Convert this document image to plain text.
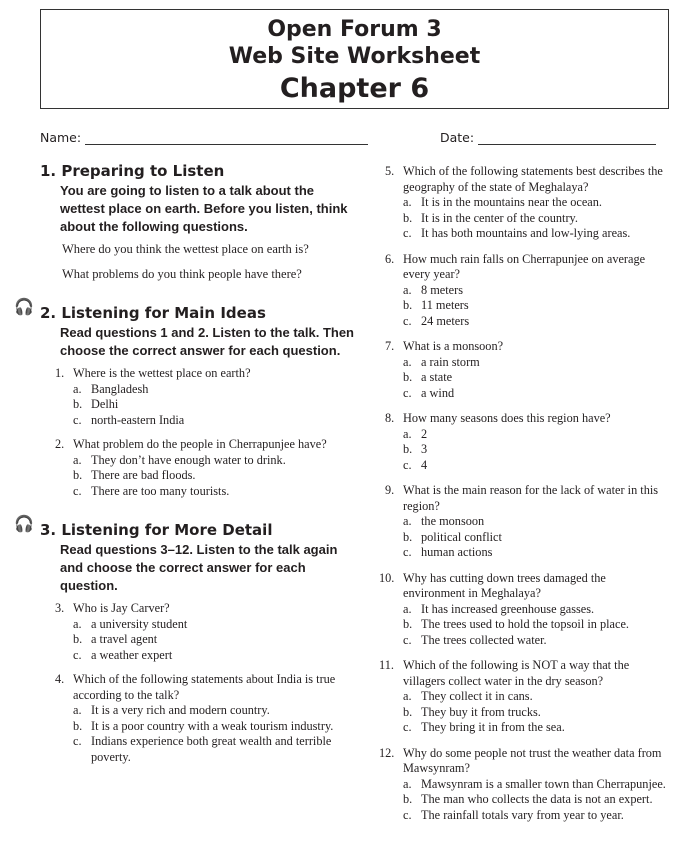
Open Forum 3
Web Site Worksheet
Chapter 6
Name:	Date:
1. Preparing to Listen
You are going to listen to a talk about the wettest place on earth. Before you listen, think about the following questions.
Where do you think the wettest place on earth is?
What problems do you think people have there?
🎧 2. Listening for Main Ideas
Read questions 1 and 2. Listen to the talk. Then choose the correct answer for each question.
1. Where is the wettest place on earth?
a. Bangladesh
b. Delhi
c. north-eastern India
2. What problem do the people in Cherrapunjee have?
a. They don’t have enough water to drink.
b. There are bad floods.
c. There are too many tourists.
🎧 3. Listening for More Detail
Read questions 3–12. Listen to the talk again and choose the correct answer for each question.
3. Who is Jay Carver?
a. a university student
b. a travel agent
c. a weather expert
4. Which of the following statements about India is true according to the talk?
a. It is a very rich and modern country.
b. It is a poor country with a weak tourism industry.
c. Indians experience both great wealth and terrible poverty.
5. Which of the following statements best describes the geography of the state of Meghalaya?
a. It is in the mountains near the ocean.
b. It is in the center of the country.
c. It has both mountains and low-lying areas.
6. How much rain falls on Cherrapunjee on average every year?
a. 8 meters
b. 11 meters
c. 24 meters
7. What is a monsoon?
a. a rain storm
b. a state
c. a wind
8. How many seasons does this region have?
a. 2
b. 3
c. 4
9. What is the main reason for the lack of water in this region?
a. the monsoon
b. political conflict
c. human actions
10. Why has cutting down trees damaged the environment in Meghalaya?
a. It has increased greenhouse gasses.
b. The trees used to hold the topsoil in place.
c. The trees collected water.
11. Which of the following is NOT a way that the villagers collect water in the dry season?
a. They collect it in cans.
b. They buy it from trucks.
c. They bring it in from the sea.
12. Why do some people not trust the weather data from Mawsynram?
a. Mawsynram is a smaller town than Cherrapunjee.
b. The man who collects the data is not an expert.
c. The rainfall totals vary from year to year.
